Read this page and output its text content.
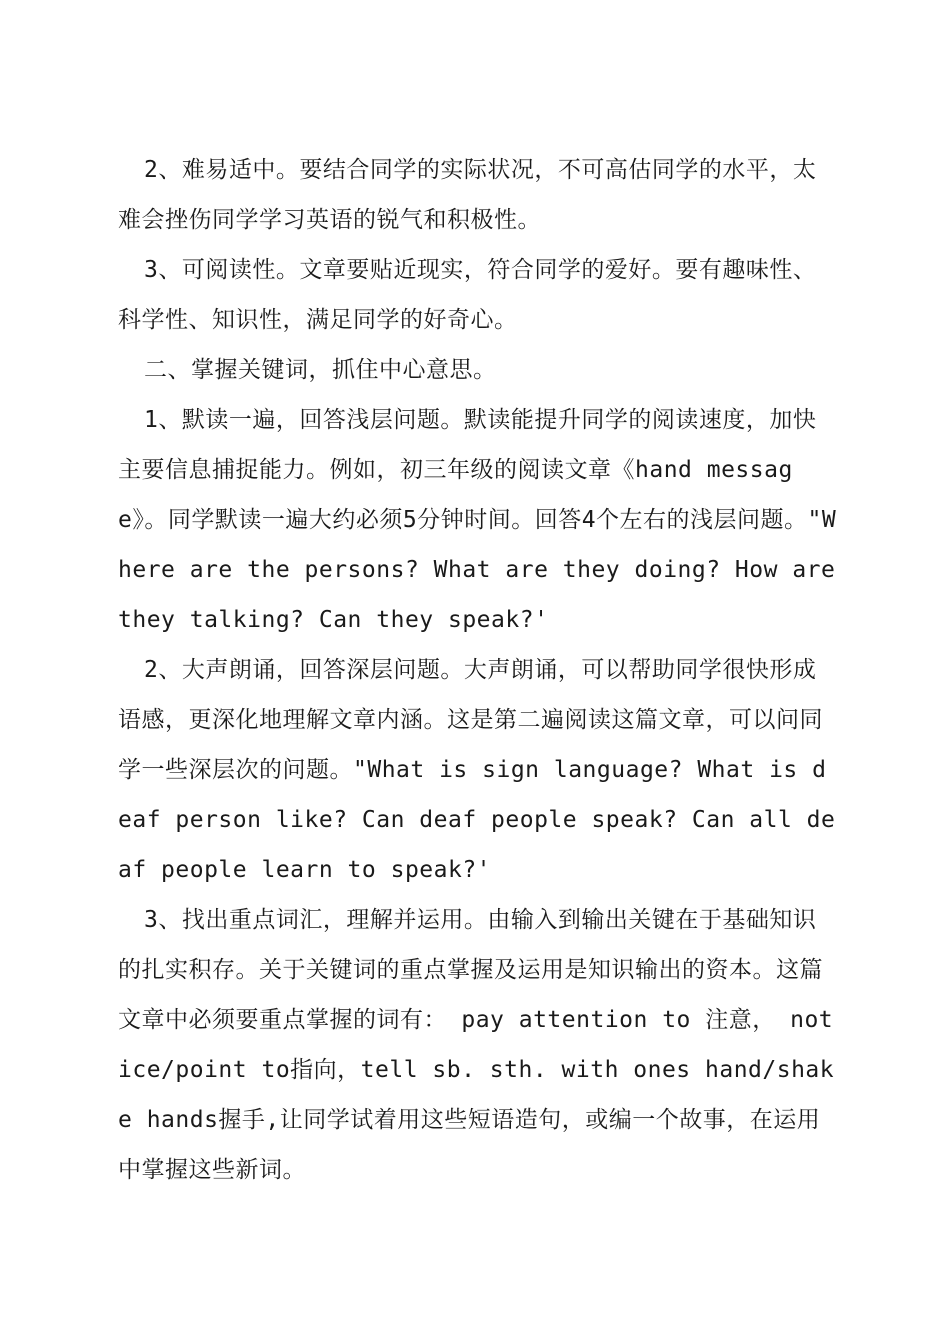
2、难易适中。要结合同学的实际状况，不可高估同学的水平，太难会挫伤同学学习英语的锐气和积极性。

3、可阅读性。文章要贴近现实，符合同学的爱好。要有趣味性、科学性、知识性，满足同学的好奇心。

二、掌握关键词，抓住中心意思。

1、默读一遍，回答浅层问题。默读能提升同学的阅读速度，加快主要信息捕捉能力。例如，初三年级的阅读文章《hand message》。同学默读一遍大约必须5分钟时间。回答4个左右的浅层问题。"Where are the persons? What are they doing? How are they talking? Can they speak?'

2、大声朗诵，回答深层问题。大声朗诵，可以帮助同学很快形成语感，更深化地理解文章内涵。这是第二遍阅读这篇文章，可以问同学一些深层次的问题。"What is sign language? What is deaf person like? Can deaf people speak? Can all deaf people learn to speak?'

3、找出重点词汇，理解并运用。由输入到输出关键在于基础知识的扎实积存。关于关键词的重点掌握及运用是知识输出的资本。这篇文章中必须要重点掌握的词有： pay attention to 注意， notice/point to指向，tell sb. sth. with ones hand/shake hands握手,让同学试着用这些短语造句，或编一个故事，在运用中掌握这些新词。
